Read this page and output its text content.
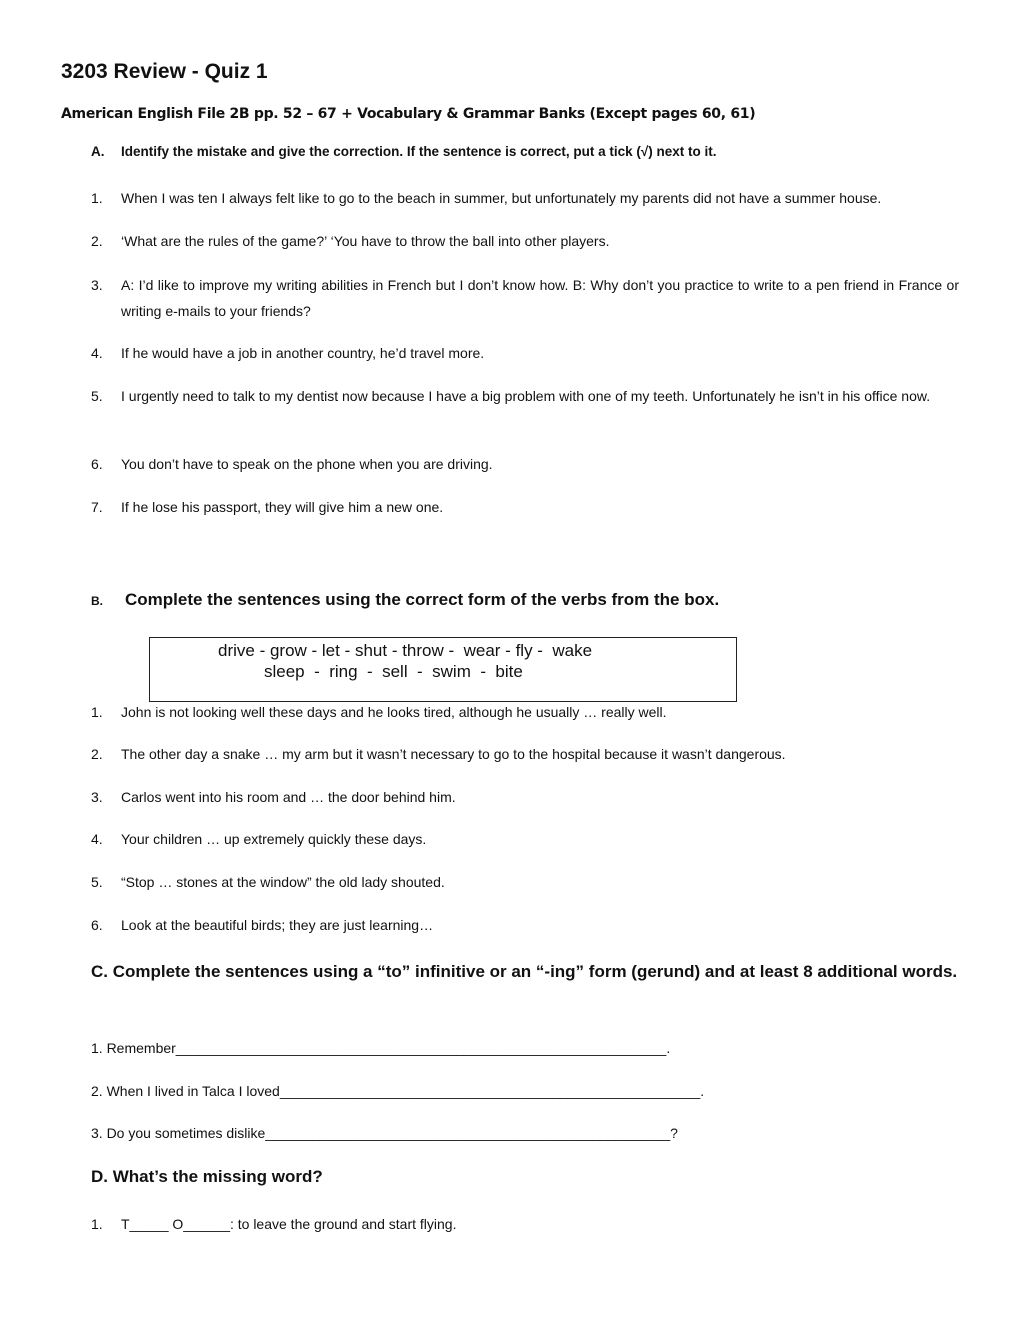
3203 Review - Quiz 1
American English File 2B pp. 52 – 67 + Vocabulary & Grammar Banks (Except pages 60, 61)
A. Identify the mistake and give the correction. If the sentence is correct, put a tick (√) next to it.
1. When I was ten I always felt like to go to the beach in summer, but unfortunately my parents did not have a summer house.
2. ‘What are the rules of the game?’ ‘You have to throw the ball into other players.
3. A: I’d like to improve my writing abilities in French but I don’t know how. B: Why don’t you practice to write to a pen friend in France or writing e-mails to your friends?
4. If he would have a job in another country, he’d travel more.
5. I urgently need to talk to my dentist now because I have a big problem with one of my teeth. Unfortunately he isn’t in his office now.
6. You don’t have to speak on the phone when you are driving.
7. If he lose his passport, they will give him a new one.
B. Complete the sentences using the correct form of the verbs from the box.
drive - grow - let - shut - throw -  wear - fly -  wake
sleep  -  ring  -  sell  -  swim  -  bite
1. John is not looking well these days and he looks tired, although he usually … really well.
2. The other day a snake … my arm but it wasn’t necessary to go to the hospital because it wasn’t dangerous.
3. Carlos went into his room and … the door behind him.
4. Your children … up extremely quickly these days.
5. “Stop … stones at the window” the old lady shouted.
6. Look at the beautiful birds; they are just learning…
C. Complete the sentences using a “to” infinitive or an “-ing” form (gerund) and at least 8 additional words.
1. Remember_______________________________________________________________.
2. When I lived in Talca I loved______________________________________________________.
3. Do you sometimes dislike____________________________________________________?
D. What’s the missing word?
1. T_____ O______: to leave the ground and start flying.
